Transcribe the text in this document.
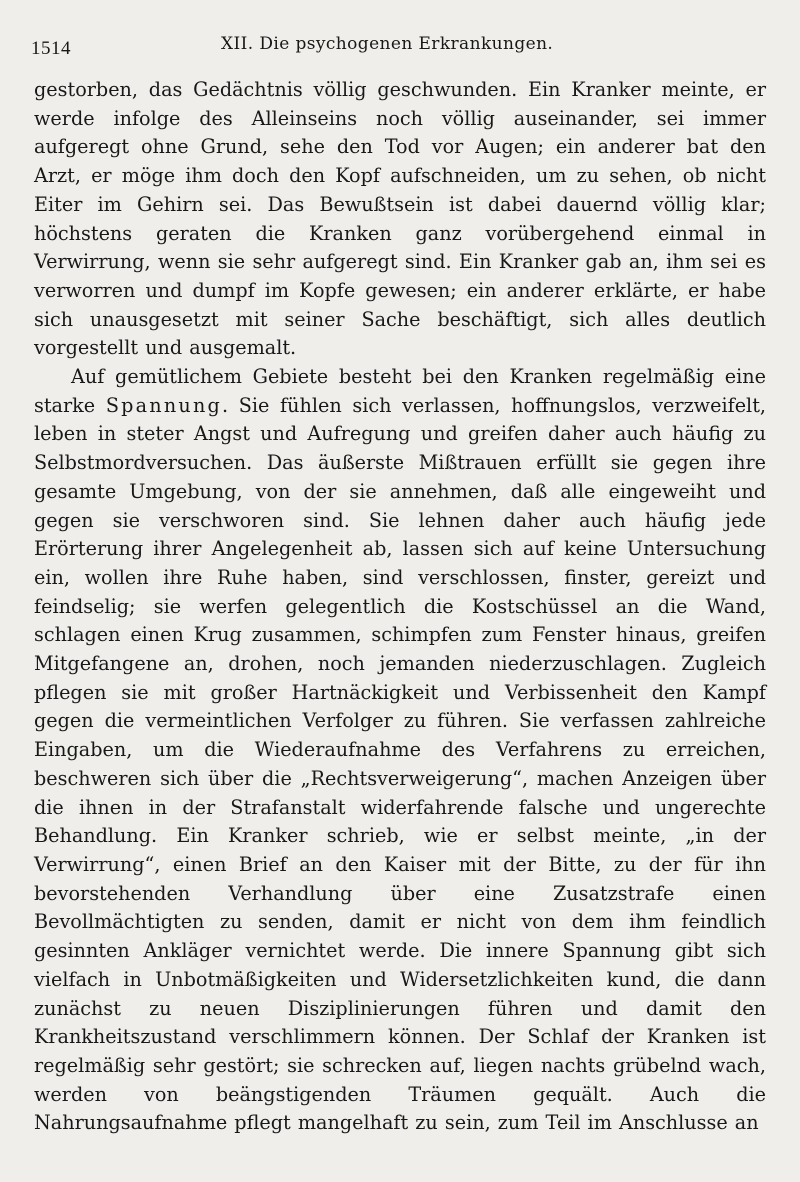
1514	XII. Die psychogenen Erkrankungen.

gestorben, das Gedächtnis völlig geschwunden. Ein Kranker meinte, er werde infolge des Alleinseins noch völlig auseinander, sei immer aufgeregt ohne Grund, sehe den Tod vor Augen; ein anderer bat den Arzt, er möge ihm doch den Kopf aufschneiden, um zu sehen, ob nicht Eiter im Gehirn sei. Das Bewußtsein ist dabei dauernd völlig klar; höchstens geraten die Kranken ganz vorübergehend einmal in Verwirrung, wenn sie sehr aufgeregt sind. Ein Kranker gab an, ihm sei es verworren und dumpf im Kopfe gewesen; ein anderer erklärte, er habe sich unausgesetzt mit seiner Sache beschäftigt, sich alles deutlich vorgestellt und ausgemalt.

Auf gemütlichem Gebiete besteht bei den Kranken regelmäßig eine starke Spannung. Sie fühlen sich verlassen, hoffnungslos, verzweifelt, leben in steter Angst und Aufregung und greifen daher auch häufig zu Selbstmordversuchen. Das äußerste Mißtrauen erfüllt sie gegen ihre gesamte Umgebung, von der sie annehmen, daß alle eingeweiht und gegen sie verschworen sind. Sie lehnen daher auch häufig jede Erörterung ihrer Angelegenheit ab, lassen sich auf keine Untersuchung ein, wollen ihre Ruhe haben, sind verschlossen, finster, gereizt und feindselig; sie werfen gelegentlich die Kostschüssel an die Wand, schlagen einen Krug zusammen, schimpfen zum Fenster hinaus, greifen Mitgefangene an, drohen, noch jemanden niederzuschlagen. Zugleich pflegen sie mit großer Hartnäckigkeit und Verbissenheit den Kampf gegen die vermeintlichen Verfolger zu führen. Sie verfassen zahlreiche Eingaben, um die Wiederaufnahme des Verfahrens zu erreichen, beschweren sich über die „Rechtsverweigerung“, machen Anzeigen über die ihnen in der Strafanstalt widerfahrende falsche und ungerechte Behandlung. Ein Kranker schrieb, wie er selbst meinte, „in der Verwirrung“, einen Brief an den Kaiser mit der Bitte, zu der für ihn bevorstehenden Verhandlung über eine Zusatzstrafe einen Bevollmächtigten zu senden, damit er nicht von dem ihm feindlich gesinnten Ankläger vernichtet werde. Die innere Spannung gibt sich vielfach in Unbotmäßigkeiten und Widersetzlichkeiten kund, die dann zunächst zu neuen Disziplinierungen führen und damit den Krankheitszustand verschlimmern können. Der Schlaf der Kranken ist regelmäßig sehr gestört; sie schrecken auf, liegen nachts grübelnd wach, werden von beängstigenden Träumen gequält. Auch die Nahrungsaufnahme pflegt mangelhaft zu sein, zum Teil im Anschlusse an
